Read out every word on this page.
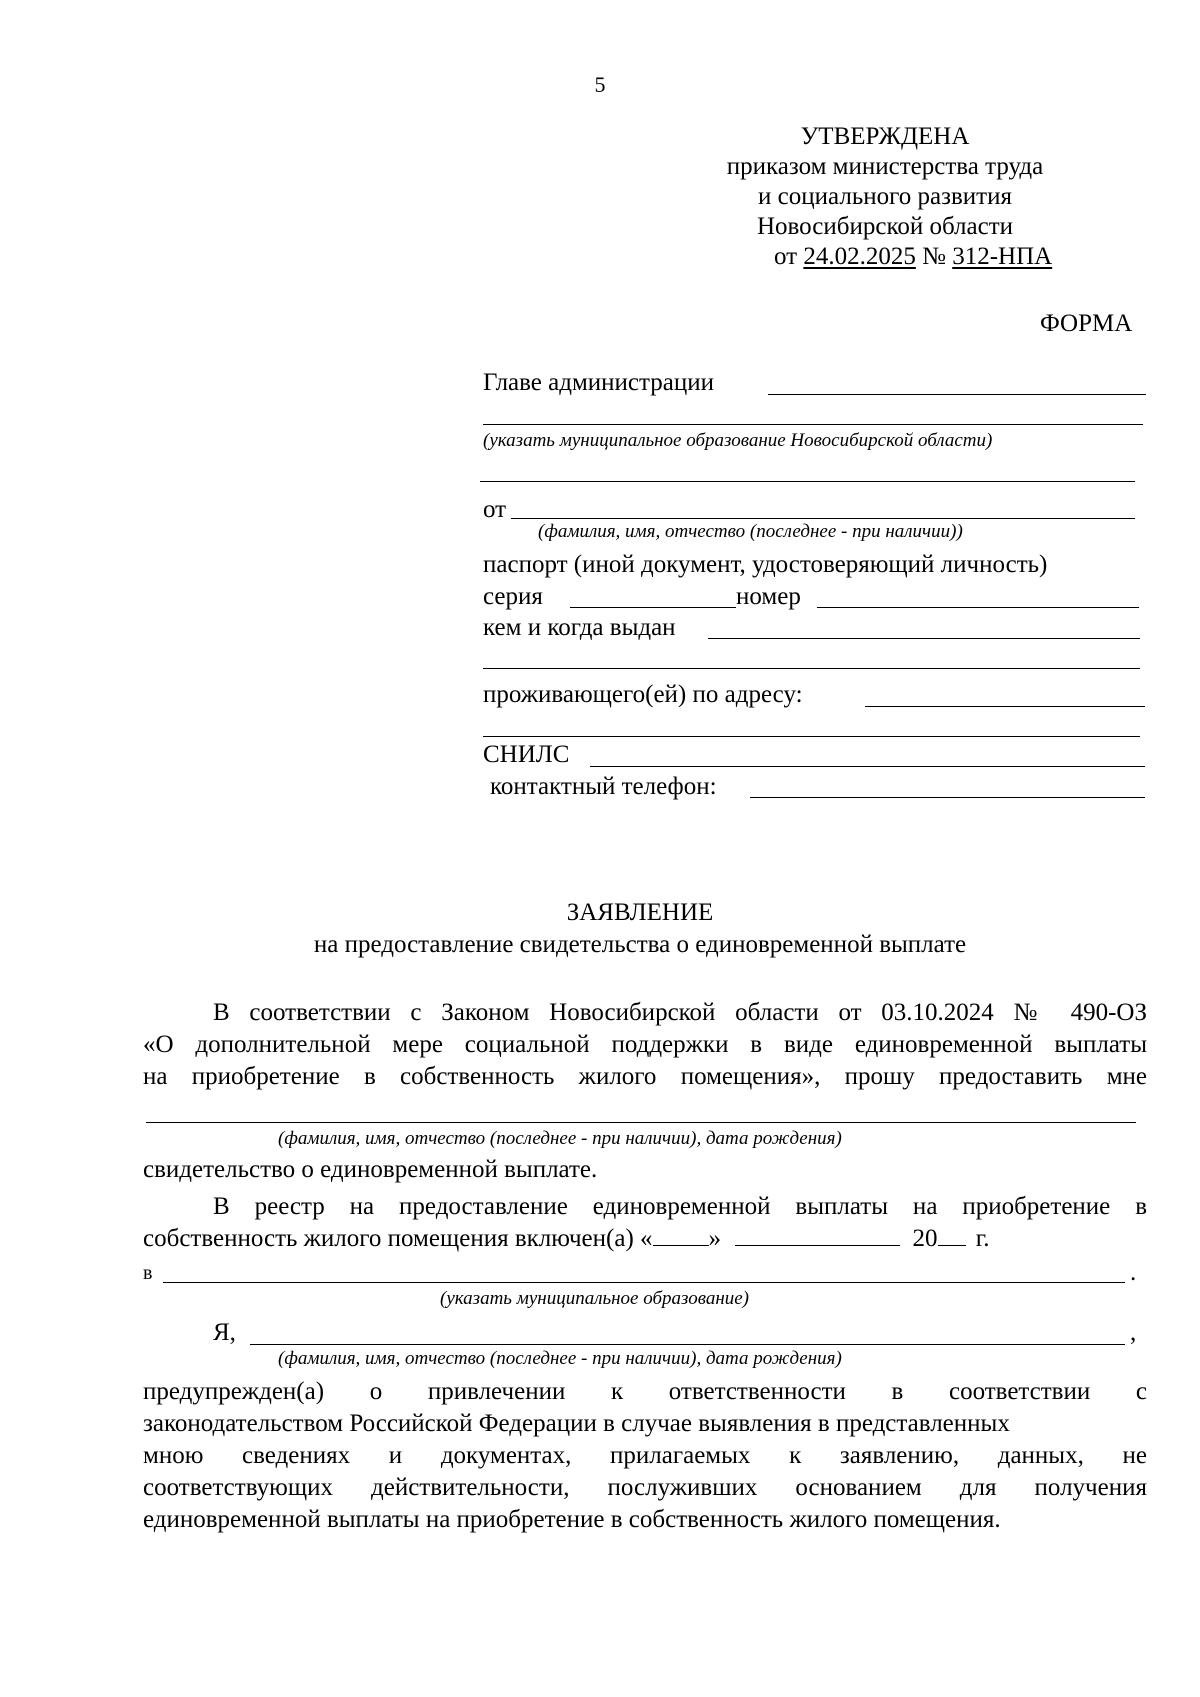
5
УТВЕРЖДЕНА
приказом министерства труда
и социального развития
Новосибирской области
от 24.02.2025 № 312-НПА
ФОРМА
Главе администрации
(указать муниципальное образование Новосибирской области)
от
(фамилия, имя, отчество (последнее - при наличии))
паспорт (иной документ, удостоверяющий личность)
серия	номер
кем и когда выдан
проживающего(ей) по адресу:
СНИЛС
контактный телефон:
ЗАЯВЛЕНИЕ
на предоставление свидетельства о единовременной выплате
В соответствии с Законом Новосибирской области от 03.10.2024 № 490-ОЗ
«О дополнительной мере социальной поддержки в виде единовременной выплаты
на приобретение в собственность жилого помещения», прошу предоставить мне
(фамилия, имя, отчество (последнее - при наличии), дата рождения)
свидетельство о единовременной выплате.
В реестр на предоставление единовременной выплаты на приобретение в
собственность жилого помещения включен(а) « »	20 г.
в	.
(указать муниципальное образование)
Я,	,
(фамилия, имя, отчество (последнее - при наличии), дата рождения)
предупрежден(а) о привлечении к ответственности в соответствии с
законодательством Российской Федерации в случае выявления в представленных
мною сведениях и документах, прилагаемых к заявлению, данных, не
соответствующих действительности, послуживших основанием для получения
единовременной выплаты на приобретение в собственность жилого помещения.
